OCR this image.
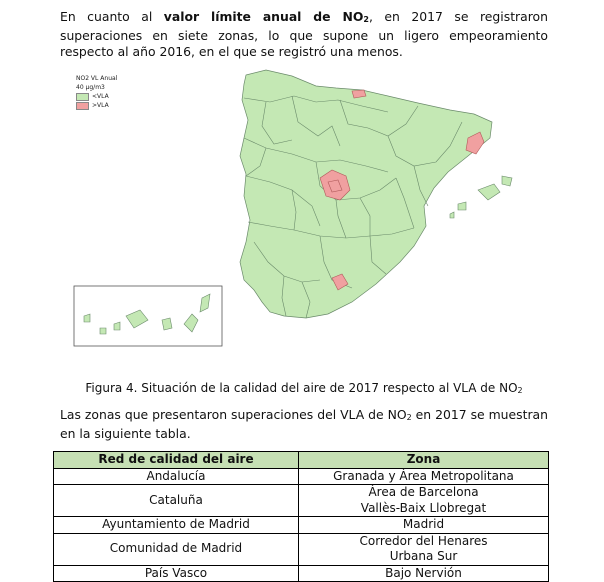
En cuanto al valor límite anual de $NO_2$, en 2017 se registraron superaciones en siete zonas, lo que supone un ligero empeoramiento respecto al año 2016, en el que se registró una menos.

NO2 VL Anual
40 µg/m3
<VLA
>VLA

Figura 4. Situación de la calidad del aire de 2017 respecto al VLA de $NO_2$

Las zonas que presentaron superaciones del VLA de $NO_2$ en 2017 se muestran en la siguiente tabla.

Red de calidad del aire	Zona
Andalucía	Granada y Área Metropolitana
Cataluña	Àrea de Barcelona
Vallès-Baix Llobregat

Ayuntamiento de Madrid	Madrid
Comunidad de Madrid	Corredor del Henares
Urbana Sur

País Vasco	Bajo Nervión
